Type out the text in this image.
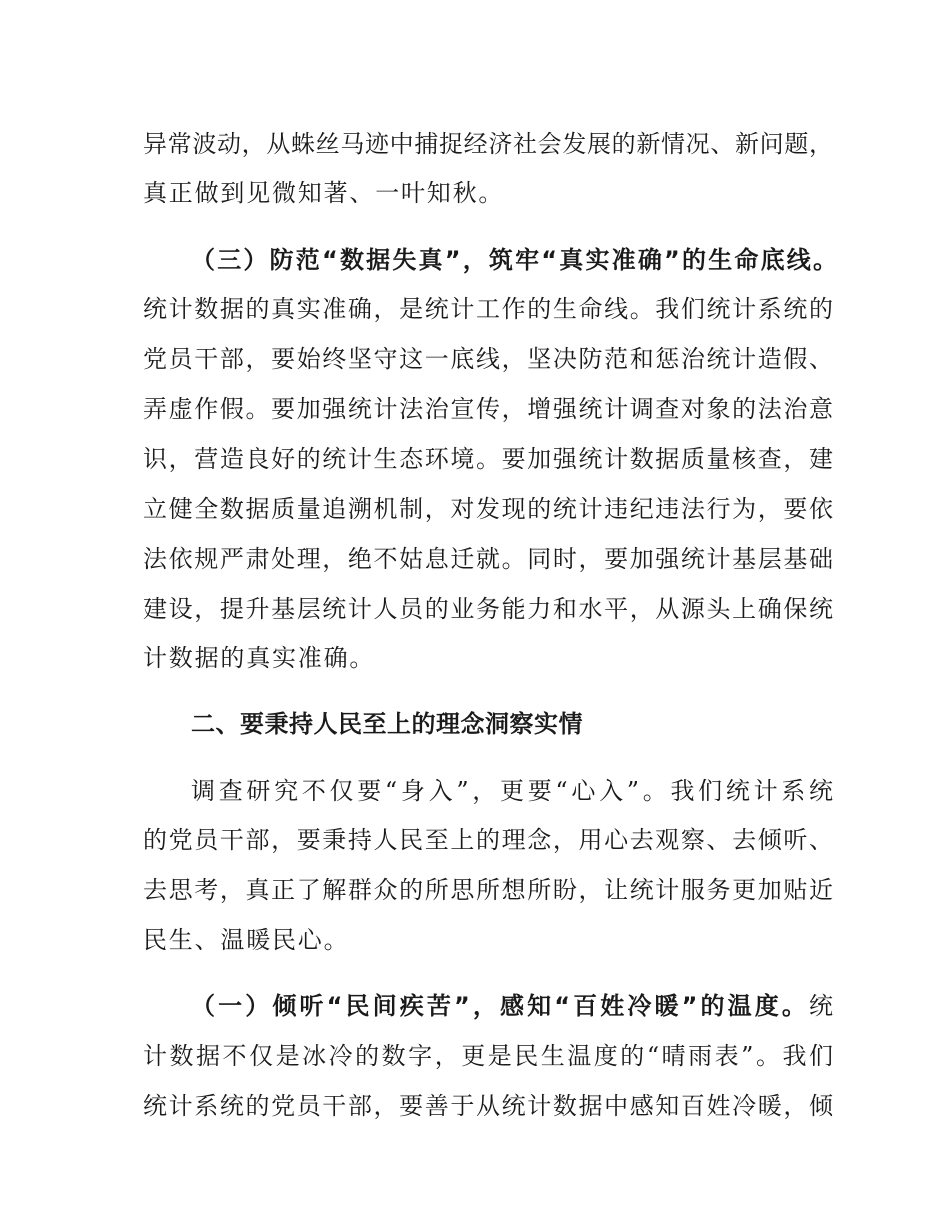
异常波动，从蛛丝马迹中捕捉经济社会发展的新情况、新问题，
真正做到见微知著、一叶知秋。
（三）防范“数据失真”，筑牢“真实准确”的生命底线。
统计数据的真实准确，是统计工作的生命线。我们统计系统的
党员干部，要始终坚守这一底线，坚决防范和惩治统计造假、
弄虚作假。要加强统计法治宣传，增强统计调查对象的法治意
识，营造良好的统计生态环境。要加强统计数据质量核查，建
立健全数据质量追溯机制，对发现的统计违纪违法行为，要依
法依规严肃处理，绝不姑息迁就。同时，要加强统计基层基础
建设，提升基层统计人员的业务能力和水平，从源头上确保统
计数据的真实准确。
二、要秉持人民至上的理念洞察实情
调查研究不仅要“身入”，更要“心入”。我们统计系统
的党员干部，要秉持人民至上的理念，用心去观察、去倾听、
去思考，真正了解群众的所思所想所盼，让统计服务更加贴近
民生、温暖民心。
（一）倾听“民间疾苦”，感知“百姓冷暖”的温度。统
计数据不仅是冰冷的数字，更是民生温度的“晴雨表”。我们
统计系统的党员干部，要善于从统计数据中感知百姓冷暖，倾
